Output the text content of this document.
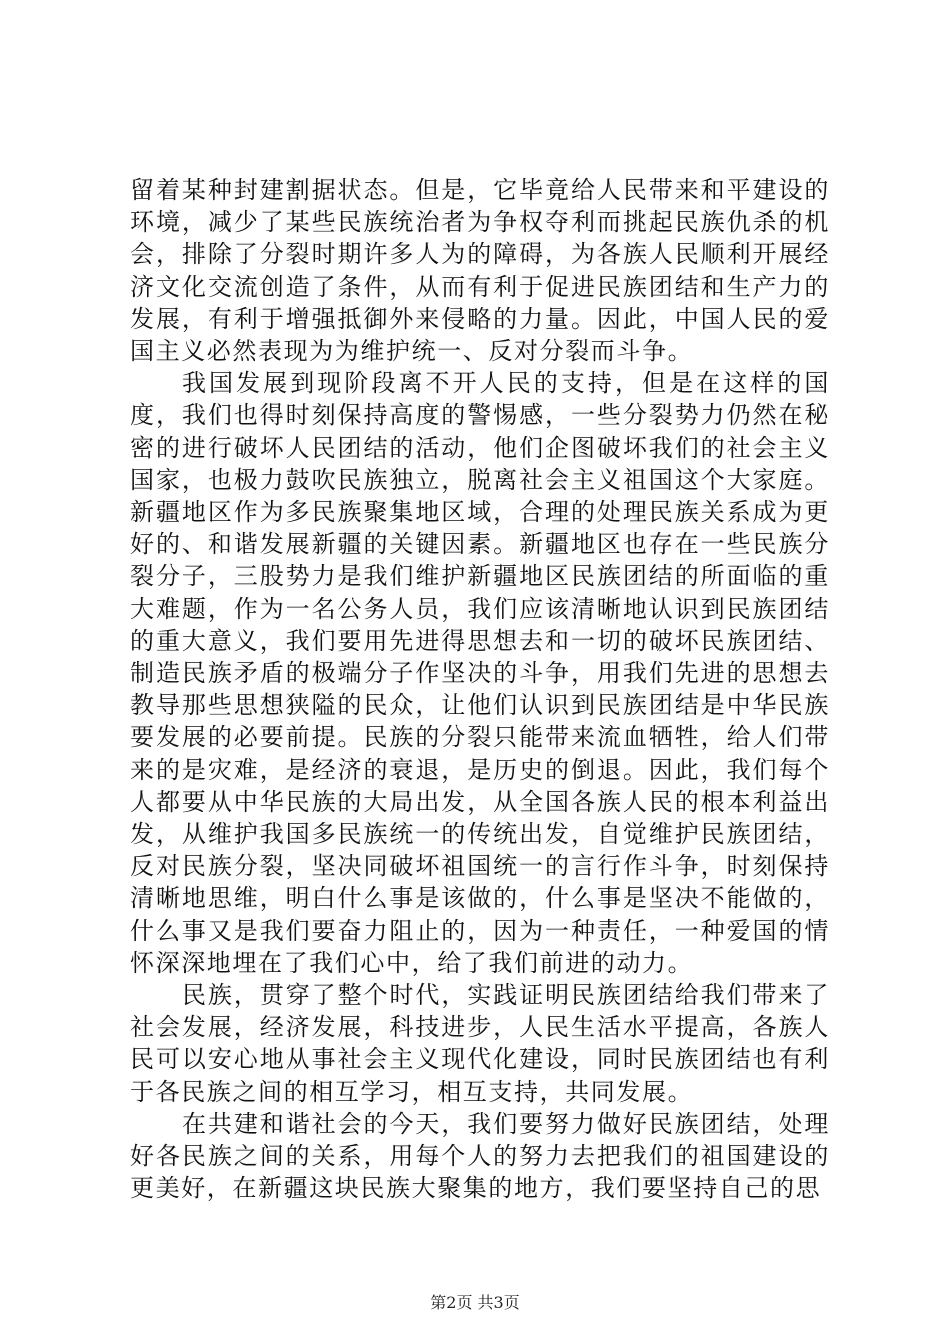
留着某种封建割据状态。但是，它毕竟给人民带来和平建设的环境，减少了某些民族统治者为争权夺利而挑起民族仇杀的机会，排除了分裂时期许多人为的障碍，为各族人民顺利开展经济文化交流创造了条件，从而有利于促进民族团结和生产力的发展，有利于增强抵御外来侵略的力量。因此，中国人民的爱国主义必然表现为为维护统一、反对分裂而斗争。

我国发展到现阶段离不开人民的支持，但是在这样的国度，我们也得时刻保持高度的警惕感，一些分裂势力仍然在秘密的进行破坏人民团结的活动，他们企图破坏我们的社会主义国家，也极力鼓吹民族独立，脱离社会主义祖国这个大家庭。新疆地区作为多民族聚集地区域，合理的处理民族关系成为更好的、和谐发展新疆的关键因素。新疆地区也存在一些民族分裂分子，三股势力是我们维护新疆地区民族团结的所面临的重大难题，作为一名公务人员，我们应该清晰地认识到民族团结的重大意义，我们要用先进得思想去和一切的破坏民族团结、制造民族矛盾的极端分子作坚决的斗争，用我们先进的思想去教导那些思想狭隘的民众，让他们认识到民族团结是中华民族要发展的必要前提。民族的分裂只能带来流血牺牲，给人们带来的是灾难，是经济的衰退，是历史的倒退。因此，我们每个人都要从中华民族的大局出发，从全国各族人民的根本利益出发，从维护我国多民族统一的传统出发，自觉维护民族团结，反对民族分裂，坚决同破坏祖国统一的言行作斗争，时刻保持清晰地思维，明白什么事是该做的，什么事是坚决不能做的，什么事又是我们要奋力阻止的，因为一种责任，一种爱国的情怀深深地埋在了我们心中，给了我们前进的动力。

民族，贯穿了整个时代，实践证明民族团结给我们带来了社会发展，经济发展，科技进步，人民生活水平提高，各族人民可以安心地从事社会主义现代化建设，同时民族团结也有利于各民族之间的相互学习，相互支持，共同发展。

在共建和谐社会的今天，我们要努力做好民族团结，处理好各民族之间的关系，用每个人的努力去把我们的祖国建设的更美好，在新疆这块民族大聚集的地方，我们要坚持自己的思

第2页 共3页
